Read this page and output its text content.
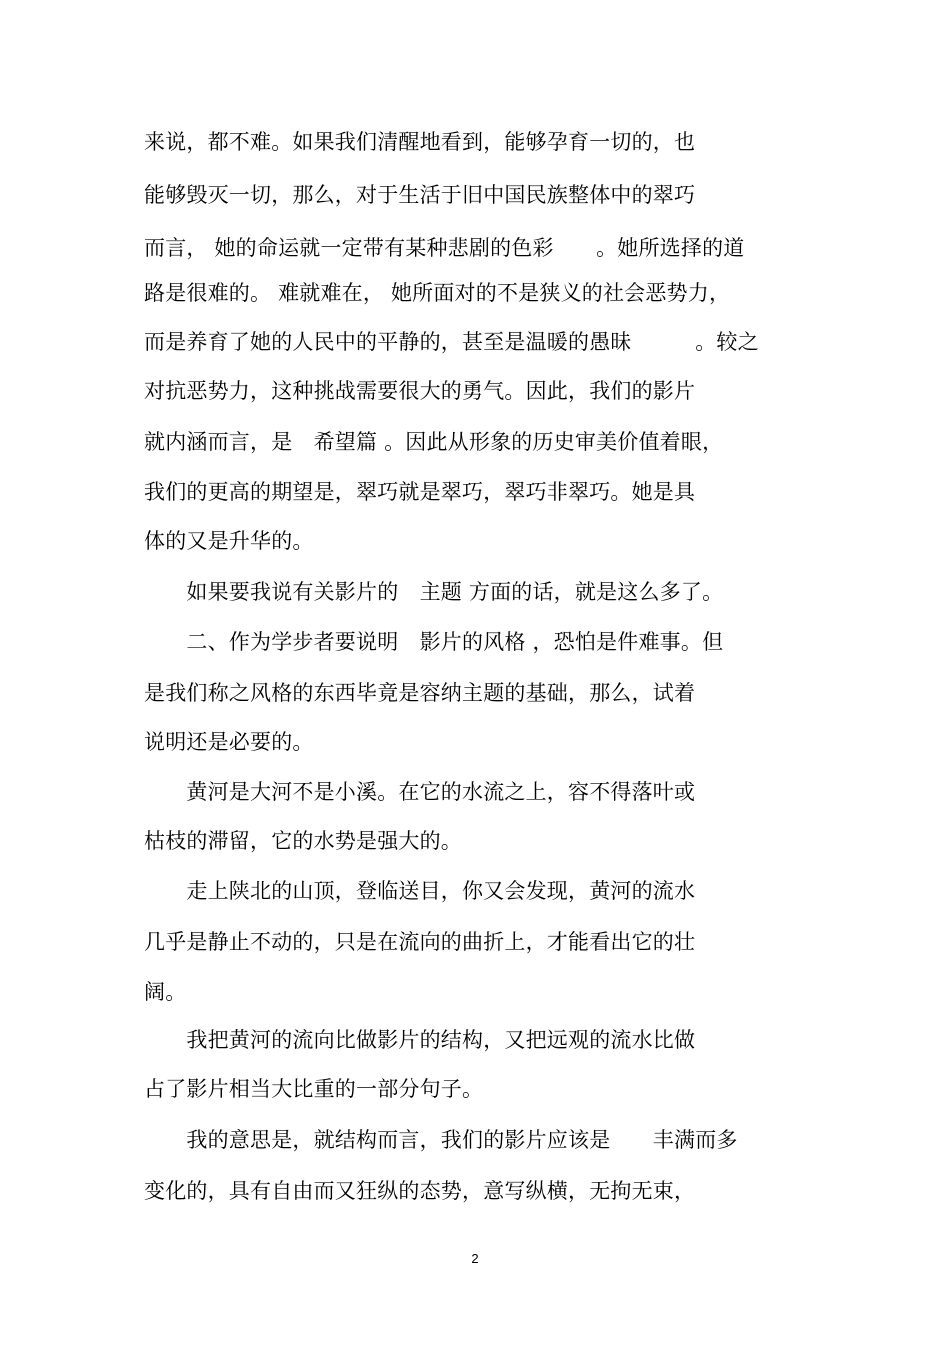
来说，都不难。如果我们清醒地看到，能够孕育一切的，也
能够毁灭一切，那么，对于生活于旧中国民族整体中的翠巧
而言， 她的命运就一定带有某种悲剧的色彩　　。她所选择的道
路是很难的。 难就难在， 她所面对的不是狭义的社会恶势力，
而是养育了她的人民中的平静的，甚至是温暖的愚昧　　　。较之
对抗恶势力，这种挑战需要很大的勇气。因此，我们的影片
就内涵而言，是　希望篇 。因此从形象的历史审美价值着眼，
我们的更高的期望是，翠巧就是翠巧，翠巧非翠巧。她是具
体的又是升华的。
　　如果要我说有关影片的　主题 方面的话，就是这么多了。
　　二、作为学步者要说明　影片的风格 ，恐怕是件难事。但
是我们称之风格的东西毕竟是容纳主题的基础，那么，试着
说明还是必要的。
　　黄河是大河不是小溪。在它的水流之上，容不得落叶或
枯枝的滞留，它的水势是强大的。
　　走上陕北的山顶，登临送目，你又会发现，黄河的流水
几乎是静止不动的，只是在流向的曲折上，才能看出它的壮
阔。
　　我把黄河的流向比做影片的结构，又把远观的流水比做
占了影片相当大比重的一部分句子。
　　我的意思是，就结构而言，我们的影片应该是　　丰满而多
变化的，具有自由而又狂纵的态势，意写纵横，无拘无束，
2
